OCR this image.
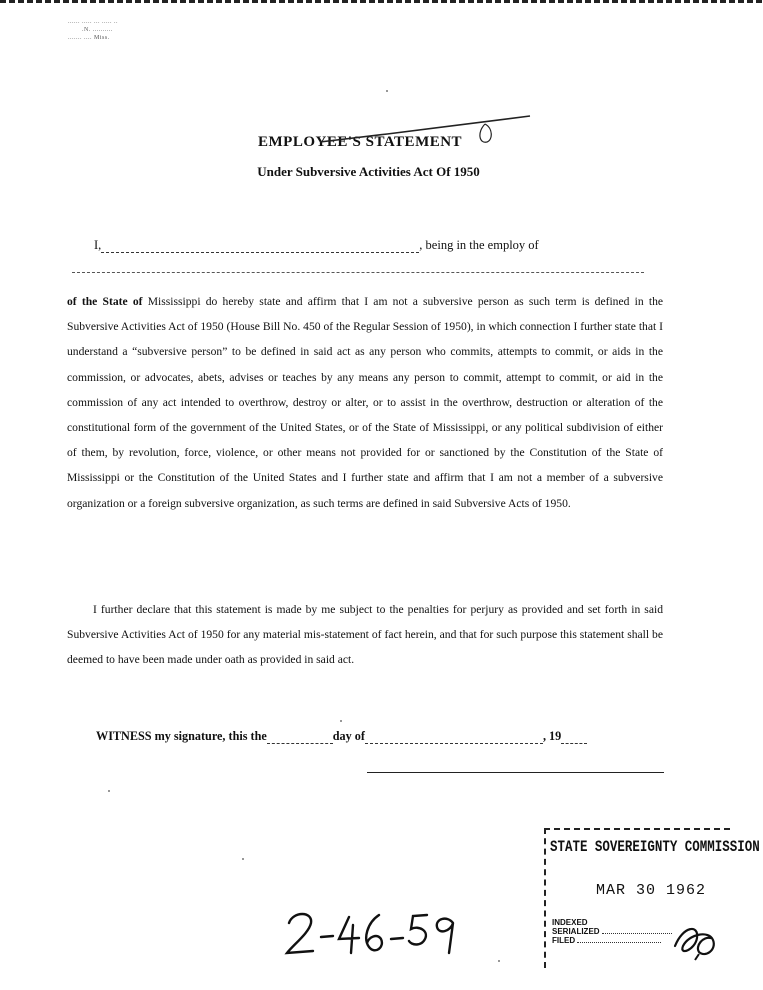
...... ..... ... ..... ..
.N. ..........
....... .... Miss.
EMPLOYEE'S STATEMENT
Under Subversive Activities Act Of 1950
I,	, being in the employ of

of the State of Mississippi do hereby state and affirm that I am not a subversive person as such term is defined in the Subversive Activities Act of 1950 (House Bill No. 450 of the Regular Session of 1950), in which connection I further state that I understand a “subversive person” to be defined in said act as any person who commits, attempts to commit, or aids in the commission, or advocates, abets, advises or teaches by any means any person to commit, attempt to commit, or aid in the commission of any act intended to overthrow, destroy or alter, or to assist in the overthrow, destruction or alteration of the constitutional form of the government of the United States, or of the State of Mississippi, or any political subdivision of either of them, by revolution, force, violence, or other means not provided for or sanctioned by the Constitution of the State of Mississippi or the Constitution of the United States and I further state and affirm that I am not a member of a subversive organization or a foreign subversive organization, as such terms are defined in said Subversive Acts of 1950.

I further declare that this statement is made by me subject to the penalties for perjury as provided and set forth in said Subversive Activities Act of 1950 for any material mis-statement of fact herein, and that for such purpose this statement shall be deemed to have been made under oath as provided in said act.

WITNESS my signature, this the	day of	, 19
STATE SOVEREIGNTY COMMISSION
MAR 30 1962
INDEXED
SERIALIZED
FILED
